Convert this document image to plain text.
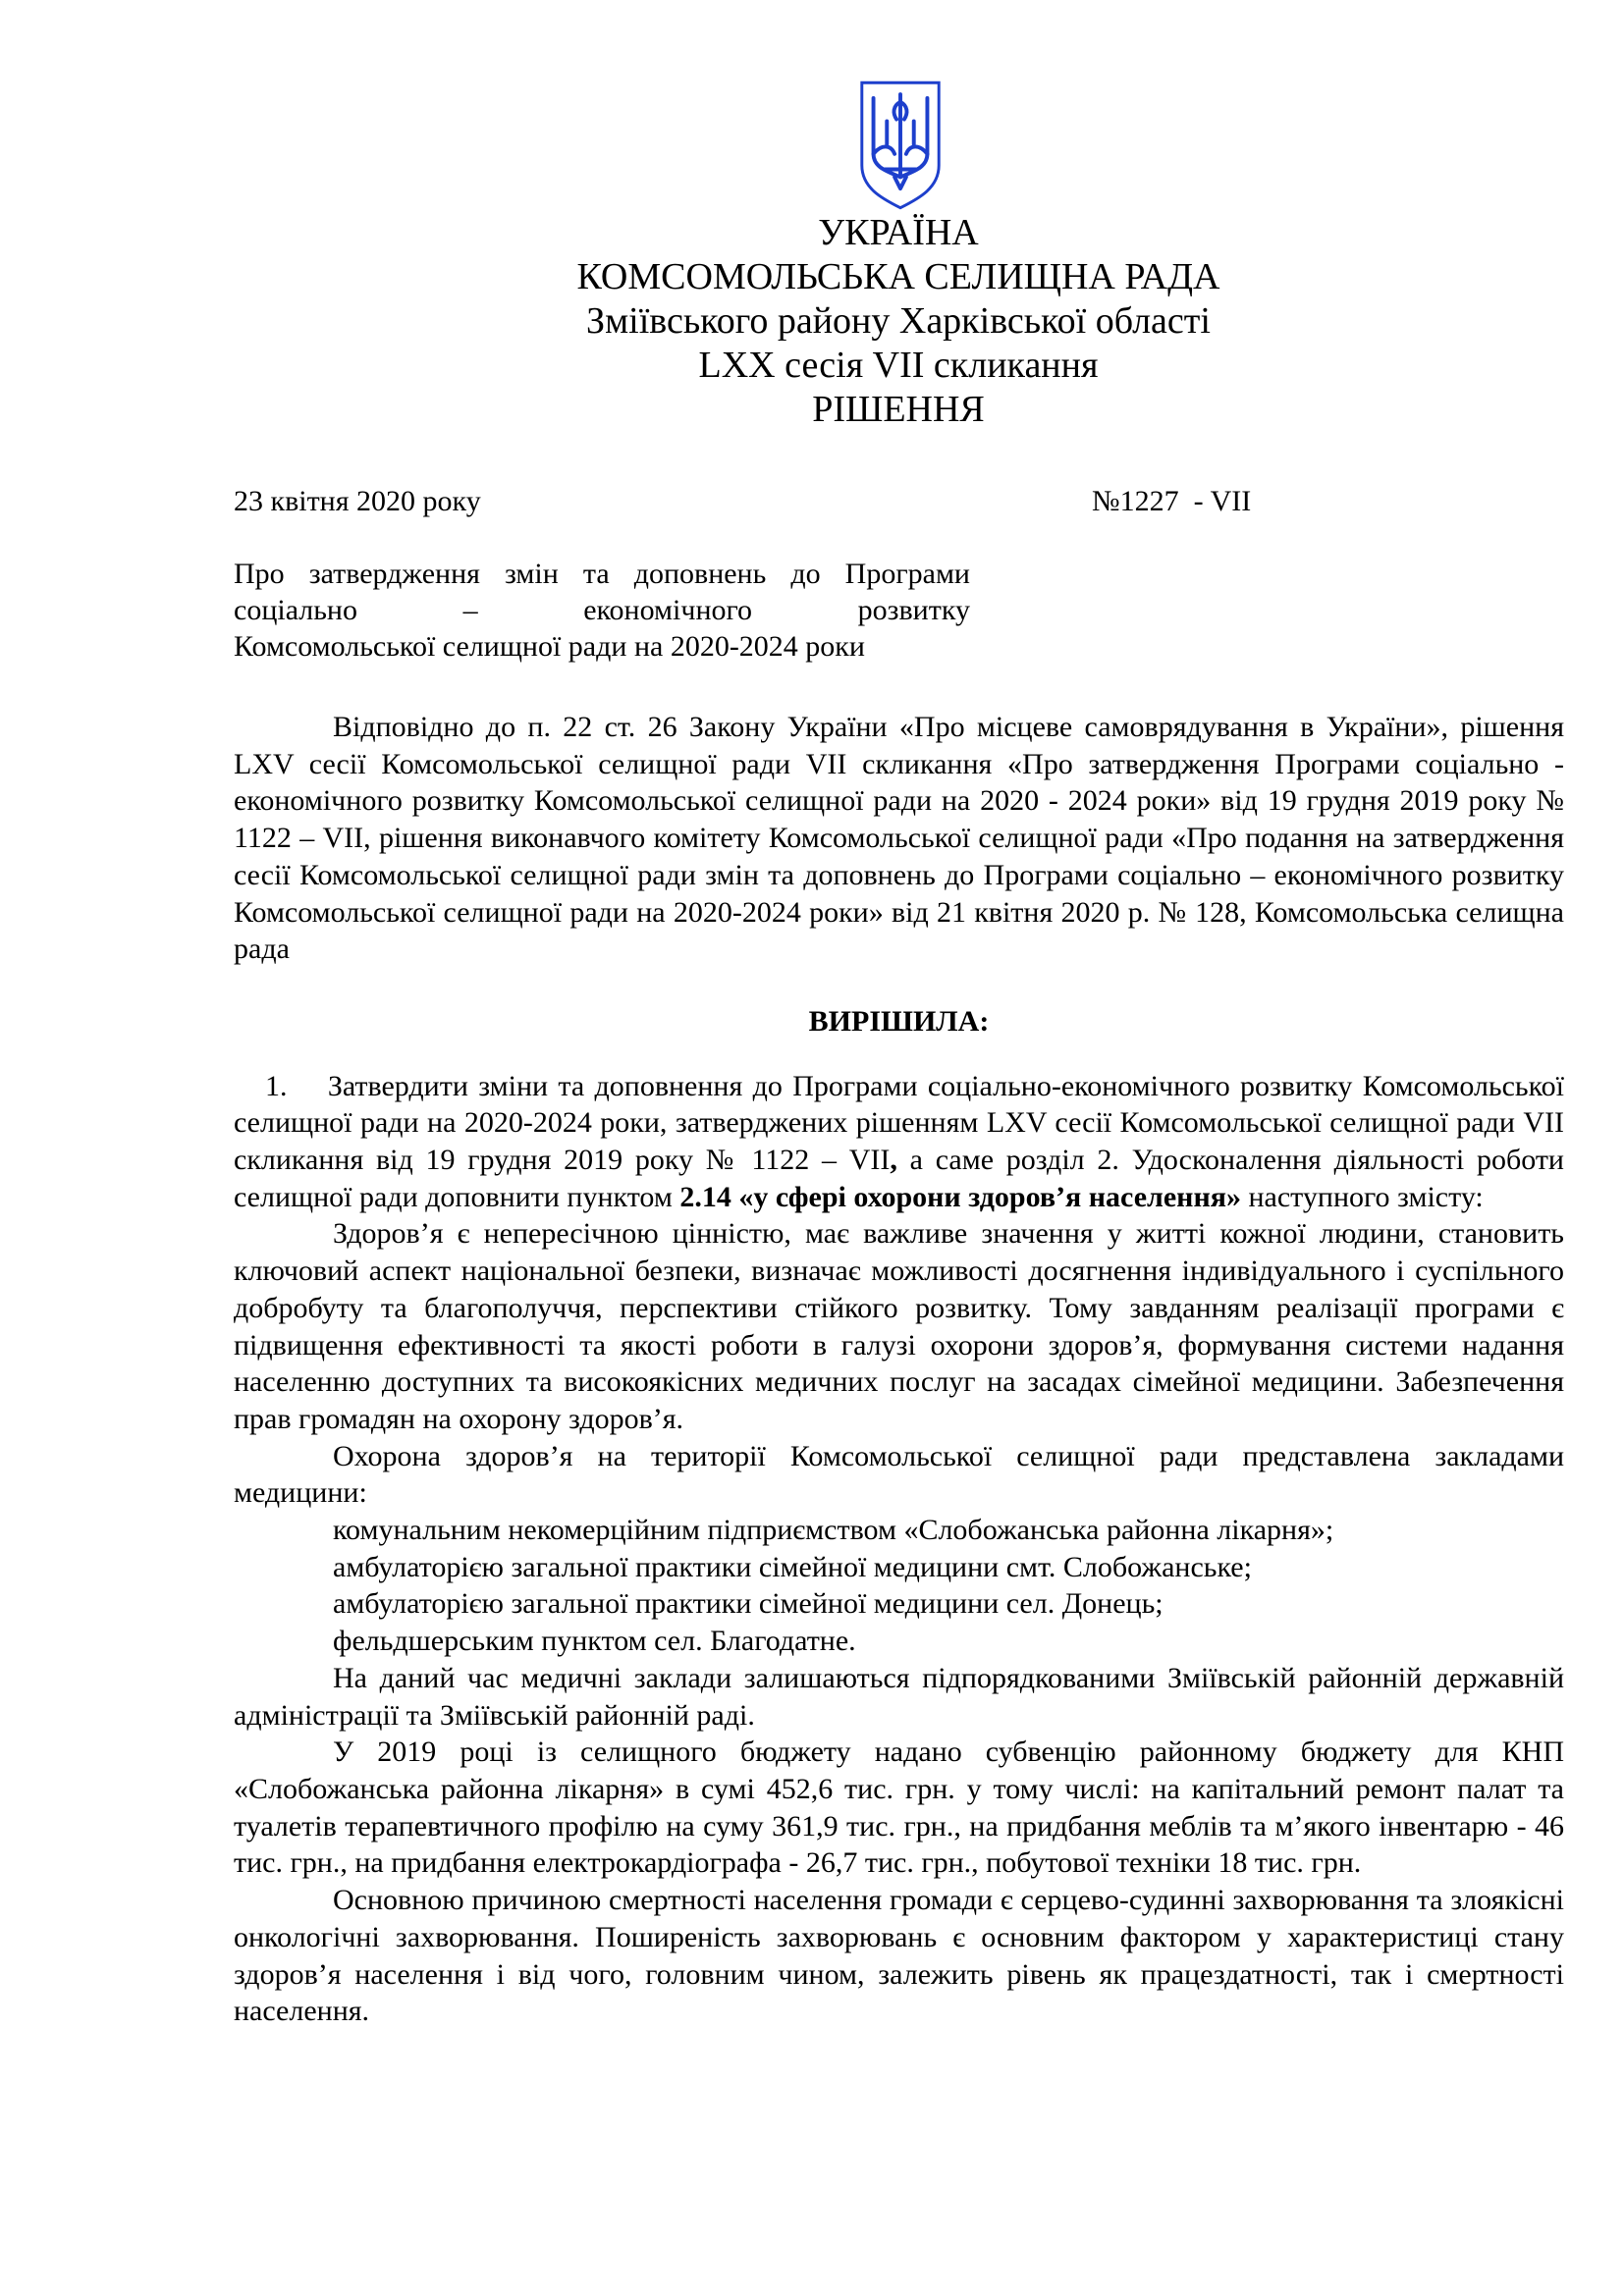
УКРАЇНА
КОМСОМОЛЬСЬКА СЕЛИЩНА РАДА
Зміївського району Харківської області
LXX сесія VII скликання
РІШЕННЯ
23 квітня 2020 року	№1227  - VII
Про затвердження змін та доповнень до Програми
соціально – економічного розвитку
Комсомольської селищної ради на 2020-2024 роки

Відповідно до п. 22 ст. 26 Закону України «Про місцеве самоврядування в України», рішення LXV сесії Комсомольської селищної ради VII скликання «Про затвердження Програми соціально - економічного розвитку Комсомольської селищної ради на 2020 - 2024 роки» від 19 грудня 2019 року № 1122 – VII, рішення виконавчого комітету Комсомольської селищної ради «Про подання на затвердження сесії Комсомольської селищної ради змін та доповнень до Програми соціально – економічного розвитку Комсомольської селищної ради на 2020-2024 роки» від 21 квітня 2020 р. № 128, Комсомольська селищна рада

ВИРІШИЛА:

1. Затвердити зміни та доповнення до Програми соціально-економічного розвитку Комсомольської селищної ради на 2020-2024 роки, затверджених рішенням LXV сесії Комсомольської селищної ради VII скликання від 19 грудня 2019 року № 1122 – VII, а саме розділ 2. Удосконалення діяльності роботи селищної ради доповнити пунктом 2.14 «у сфері охорони здоров’я населення» наступного змісту:

Здоров’я є непересічною цінністю, має важливе значення у житті кожної людини, становить ключовий аспект національної безпеки, визначає можливості досягнення індивідуального і суспільного добробуту та благополуччя, перспективи стійкого розвитку. Тому завданням реалізації програми є підвищення ефективності та якості роботи в галузі охорони здоров’я, формування системи надання населенню доступних та високоякісних медичних послуг на засадах сімейної медицини. Забезпечення прав громадян на охорону здоров’я.

Охорона здоров’я на території Комсомольської селищної ради представлена закладами медицини:

комунальним некомерційним підприємством «Слобожанська районна лікарня»;

амбулаторією загальної практики сімейної медицини смт. Слобожанське;

амбулаторією загальної практики сімейної медицини сел. Донець;

фельдшерським пунктом сел. Благодатне.

На даний час медичні заклади залишаються підпорядкованими Зміївській районній державній адміністрації та Зміївській районній раді.

У 2019 році із селищного бюджету надано субвенцію районному бюджету для КНП «Слобожанська районна лікарня» в сумі 452,6 тис. грн. у тому числі: на капітальний ремонт палат та туалетів терапевтичного профілю на суму 361,9 тис. грн., на придбання меблів та м’якого інвентарю - 46 тис. грн., на придбання електрокардіографа - 26,7 тис. грн., побутової техніки 18 тис. грн.

Основною причиною смертності населення громади є серцево-судинні захворювання та злоякісні онкологічні захворювання. Поширеність захворювань є основним фактором у характеристиці стану здоров’я населення і від чого, головним чином, залежить рівень як працездатності, так і смертності населення.
